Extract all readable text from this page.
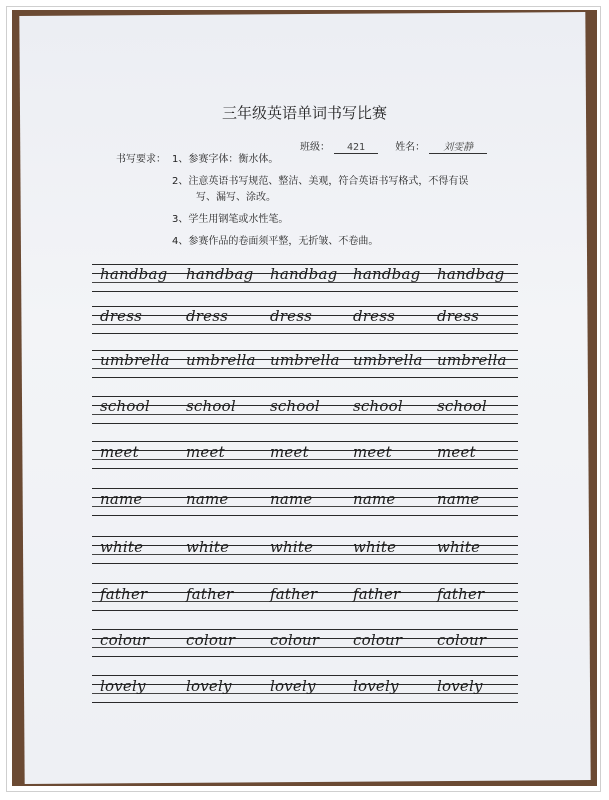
三年级英语单词书写比赛
班级： 421	姓名： 刘雯静
书写要求： 1、参赛字体：衡水体。
2、注意英语书写规范、整洁、美观，符合英语书写格式，不得有误
写、漏写、涂改。
3、学生用钢笔或水性笔。
4、参赛作品的卷面须平整，无折皱、不卷曲。
handbag handbag handbag handbag handbag
dress	dress	dress	dress	dress
umbrella umbrella umbrella umbrella umbrella
school school school school school
meet	meet	meet	meet	meet
name	name	name	name	name
white	white	white	white	white
father	father father father father
colour colour colour colour colour
lovely	lovely	lovely lovely	lovely
